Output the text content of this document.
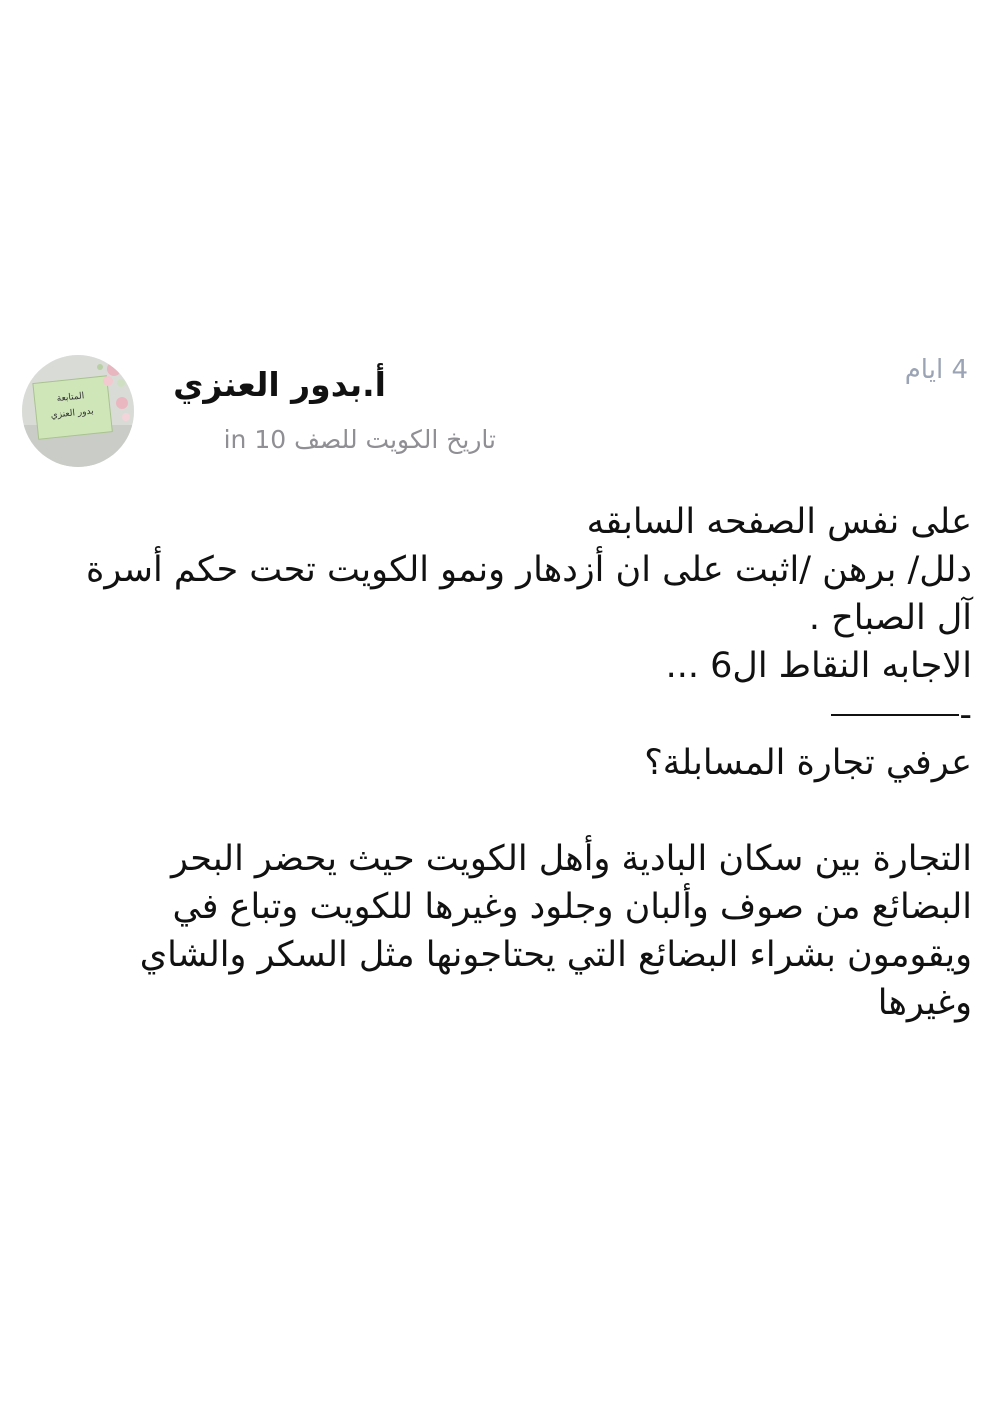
المتابعة
بدور العنزي
أ.بدور العنزي
تاريخ الكويت للصف 10 in
4 ايام
على نفس الصفحه السابقه
دلل/ برهن /اثبت على ان أزدهار ونمو الكويت تحت حكم أسرة
آل الصباح .
الاجابه النقاط ال6 ...
-
عرفي تجارة المسابلة؟
التجارة بين سكان البادية وأهل الكويت حيث يحضر البحر
البضائع من صوف وألبان وجلود وغيرها للكويت وتباع في
ويقومون بشراء البضائع التي يحتاجونها مثل السكر والشاي
وغيرها
